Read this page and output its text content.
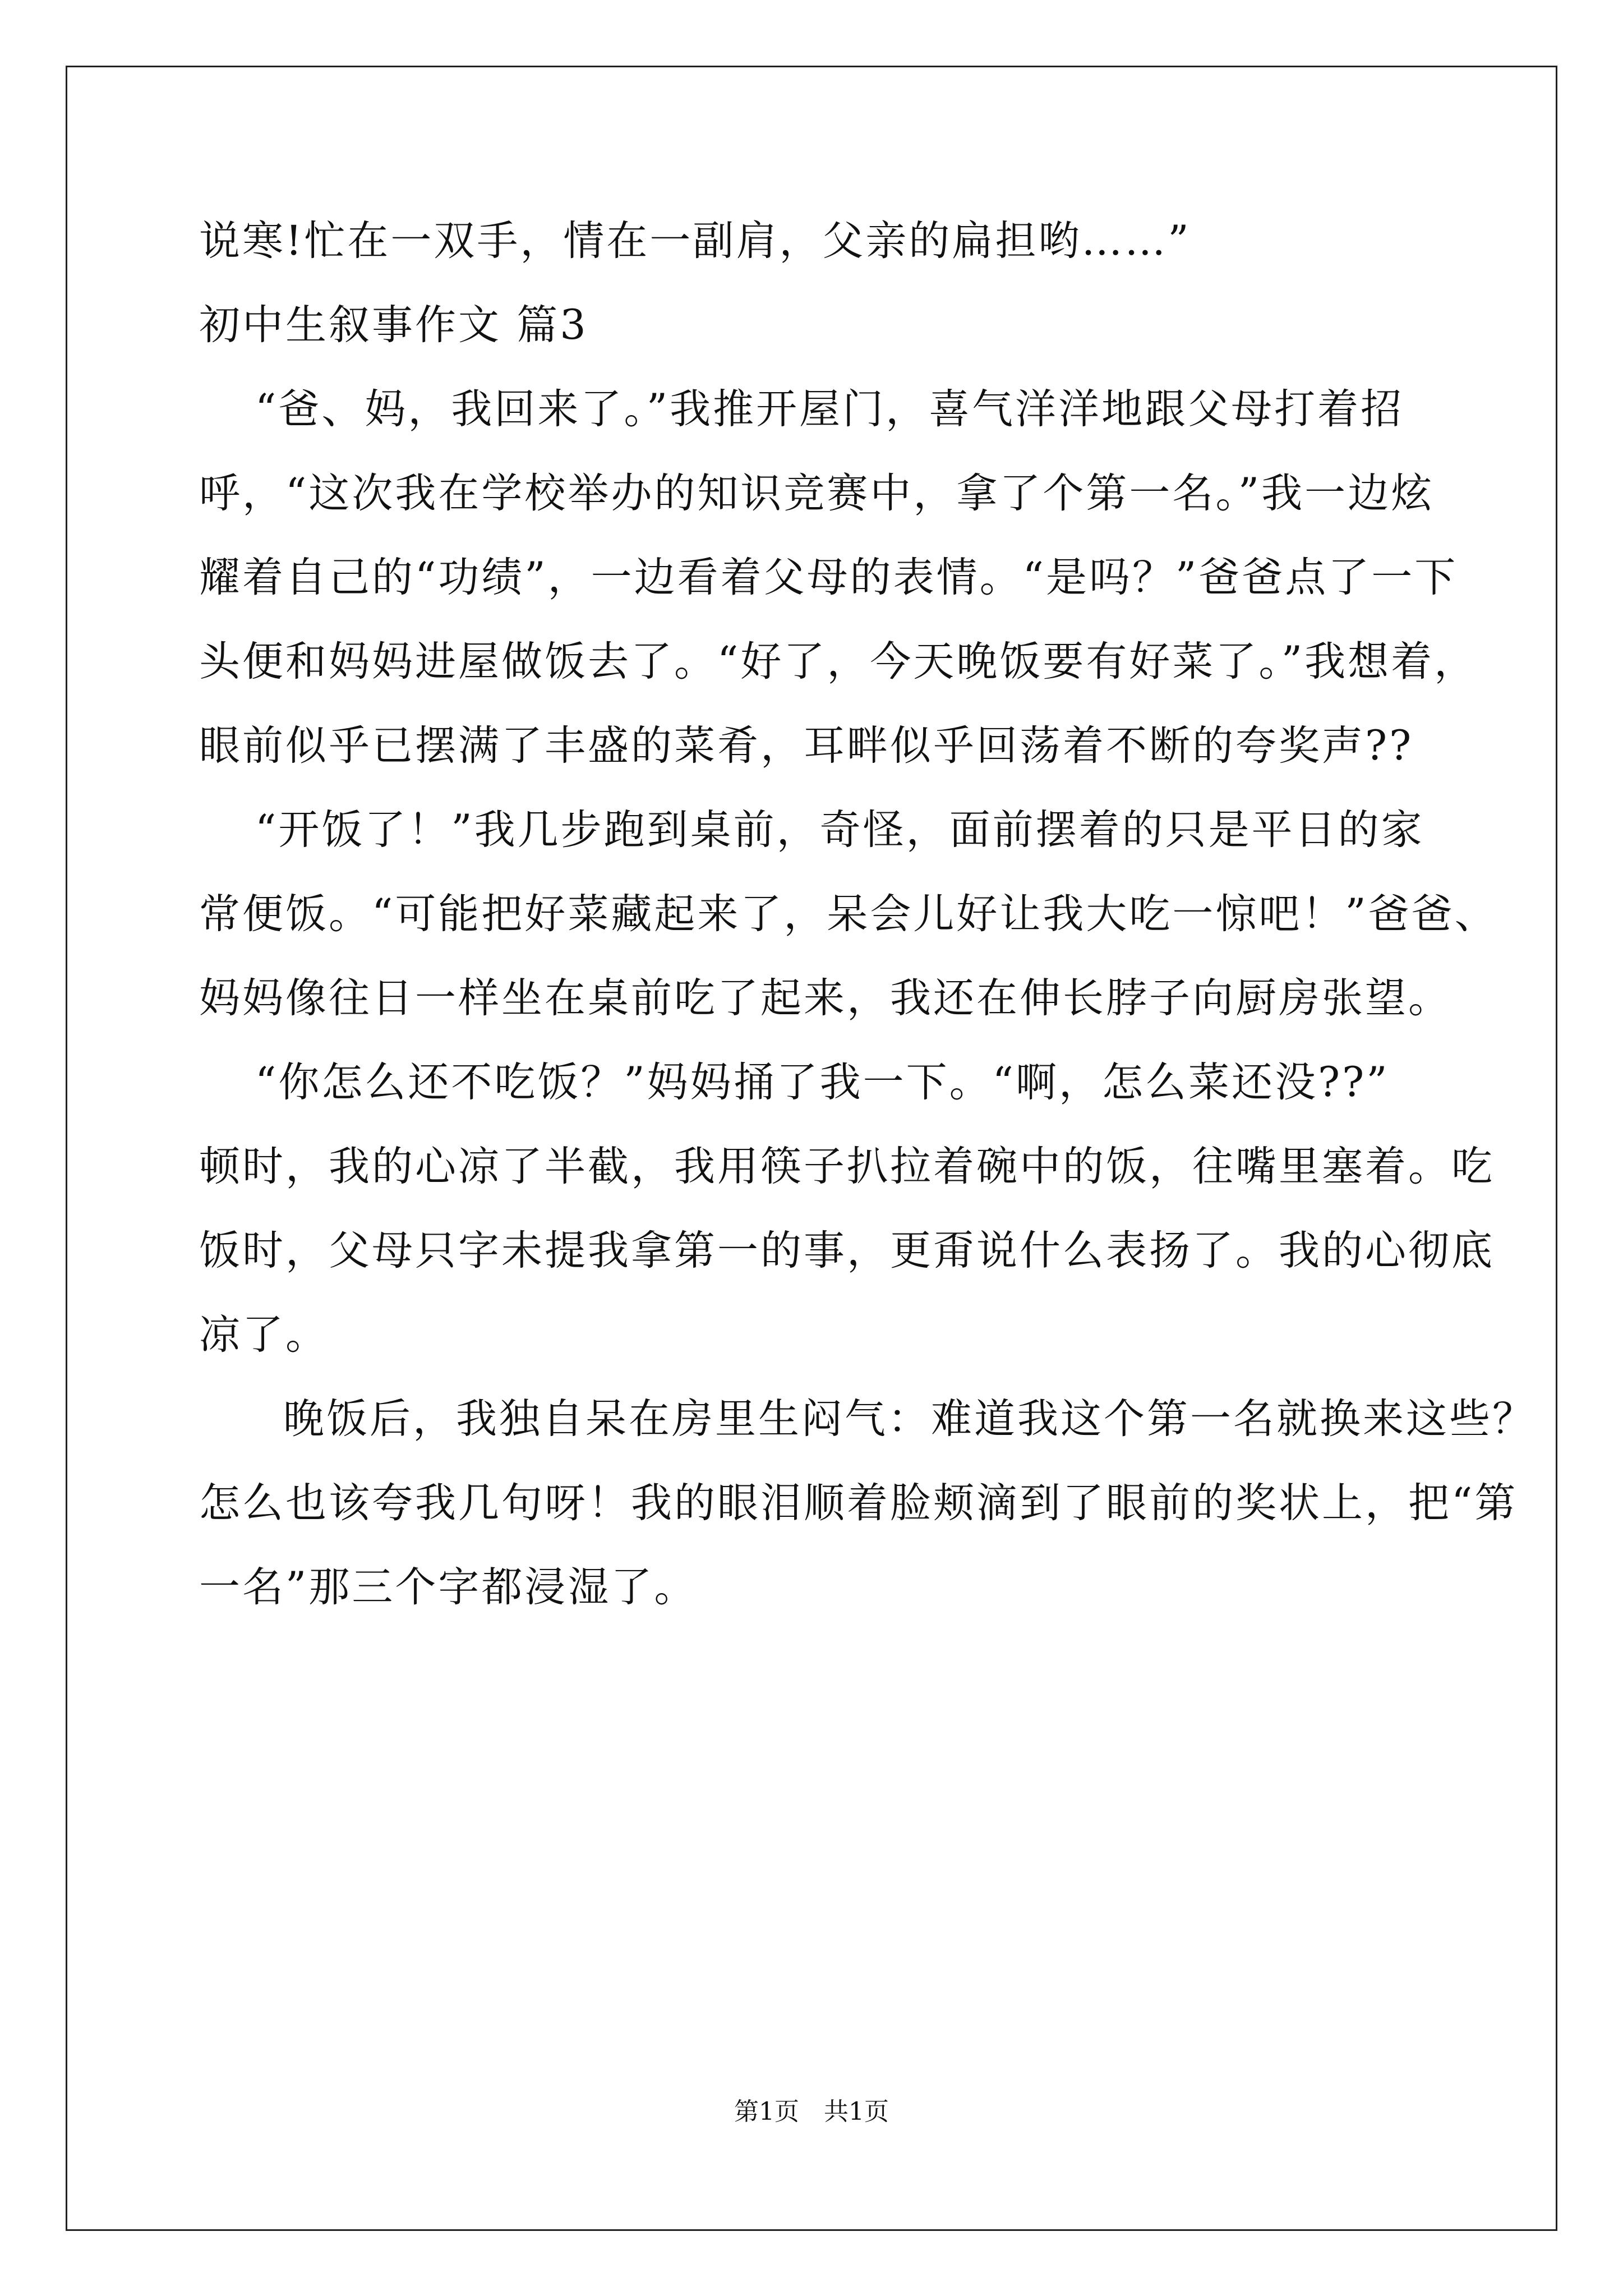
说寒!忙在一双手，情在一副肩，父亲的扁担哟……”
初中生叙事作文 篇3
“爸、妈，我回来了。”我推开屋门，喜气洋洋地跟父母打着招
呼，“这次我在学校举办的知识竞赛中，拿了个第一名。”我一边炫
耀着自己的“功绩”，一边看着父母的表情。“是吗？”爸爸点了一下
头便和妈妈进屋做饭去了。“好了，今天晚饭要有好菜了。”我想着，
眼前似乎已摆满了丰盛的菜肴，耳畔似乎回荡着不断的夸奖声??
“开饭了！”我几步跑到桌前，奇怪，面前摆着的只是平日的家
常便饭。“可能把好菜藏起来了，呆会儿好让我大吃一惊吧！”爸爸、
妈妈像往日一样坐在桌前吃了起来，我还在伸长脖子向厨房张望。
“你怎么还不吃饭？”妈妈捅了我一下。“啊，怎么菜还没??”
顿时，我的心凉了半截，我用筷子扒拉着碗中的饭，往嘴里塞着。吃
饭时，父母只字未提我拿第一的事，更甭说什么表扬了。我的心彻底
凉了。
晚饭后，我独自呆在房里生闷气：难道我这个第一名就换来这些？
怎么也该夸我几句呀！我的眼泪顺着脸颊滴到了眼前的奖状上，把“第
一名”那三个字都浸湿了。
第1页　共1页
